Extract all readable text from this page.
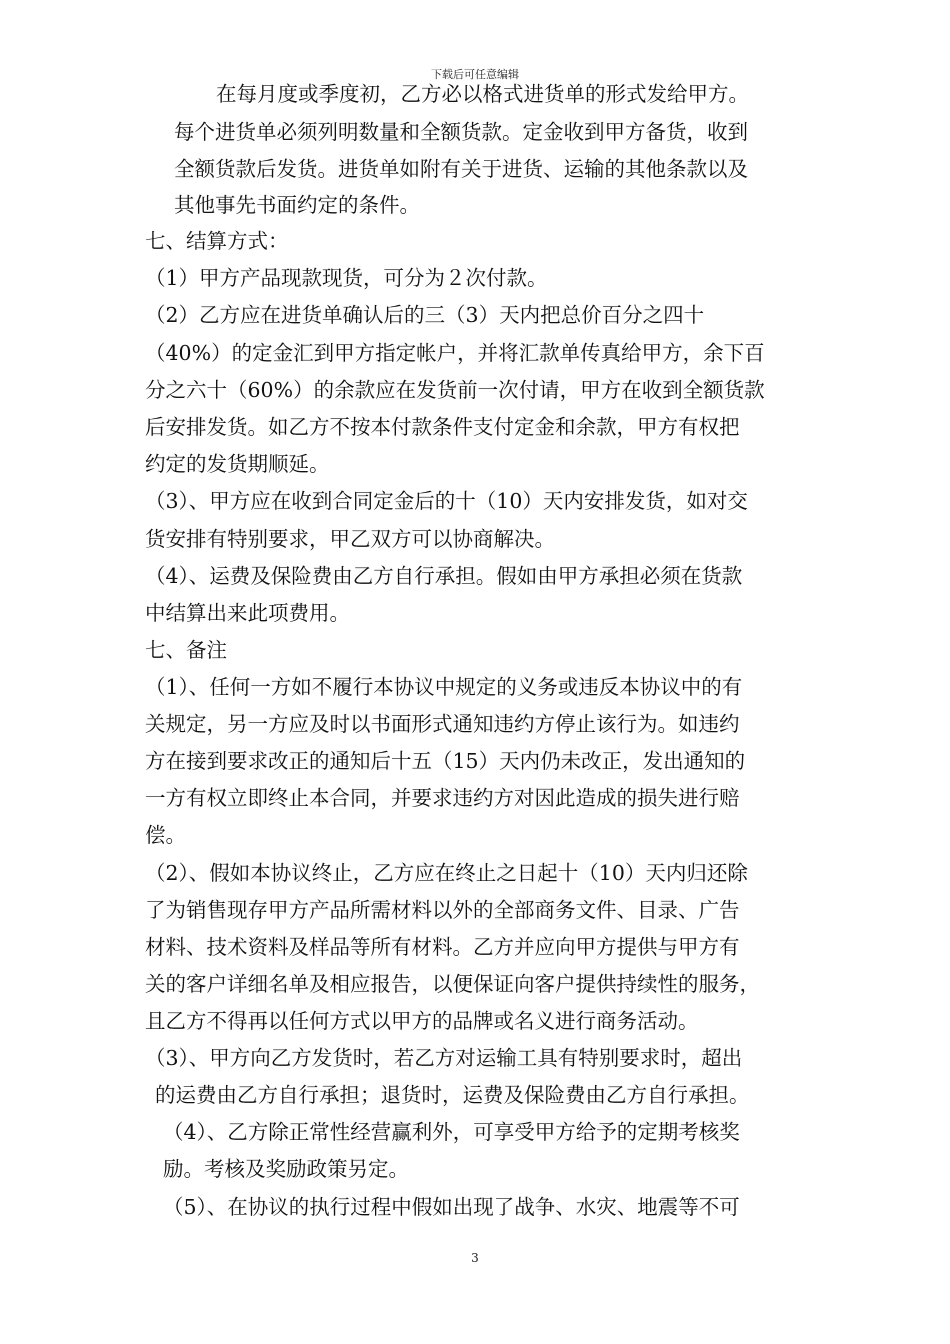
下载后可任意编辑

在每月度或季度初，乙方必以格式进货单的形式发给甲方。

每个进货单必须列明数量和全额货款。定金收到甲方备货，收到

全额货款后发货。进货单如附有关于进货、运输的其他条款以及

其他事先书面约定的条件。

七、结算方式：

（1）甲方产品现款现货，可分为２次付款。

（2）乙方应在进货单确认后的三（3）天内把总价百分之四十

（40%）的定金汇到甲方指定帐户，并将汇款单传真给甲方，余下百

分之六十（60%）的余款应在发货前一次付请，甲方在收到全额货款

后安排发货。如乙方不按本付款条件支付定金和余款，甲方有权把

约定的发货期顺延。

（3）、甲方应在收到合同定金后的十（10）天内安排发货，如对交

货安排有特别要求，甲乙双方可以协商解决。

（4）、运费及保险费由乙方自行承担。假如由甲方承担必须在货款

中结算出来此项费用。

七、备注

（1）、任何一方如不履行本协议中规定的义务或违反本协议中的有

关规定，另一方应及时以书面形式通知违约方停止该行为。如违约

方在接到要求改正的通知后十五（15）天内仍未改正，发出通知的

一方有权立即终止本合同，并要求违约方对因此造成的损失进行赔

偿。

（2）、假如本协议终止，乙方应在终止之日起十（10）天内归还除

了为销售现存甲方产品所需材料以外的全部商务文件、目录、广告

材料、技术资料及样品等所有材料。乙方并应向甲方提供与甲方有

关的客户详细名单及相应报告，以便保证向客户提供持续性的服务，

且乙方不得再以任何方式以甲方的品牌或名义进行商务活动。

（3）、甲方向乙方发货时，若乙方对运输工具有特别要求时，超出

的运费由乙方自行承担；退货时，运费及保险费由乙方自行承担。

（4）、乙方除正常性经营赢利外，可享受甲方给予的定期考核奖

励。考核及奖励政策另定。

（5）、在协议的执行过程中假如出现了战争、水灾、地震等不可

3
